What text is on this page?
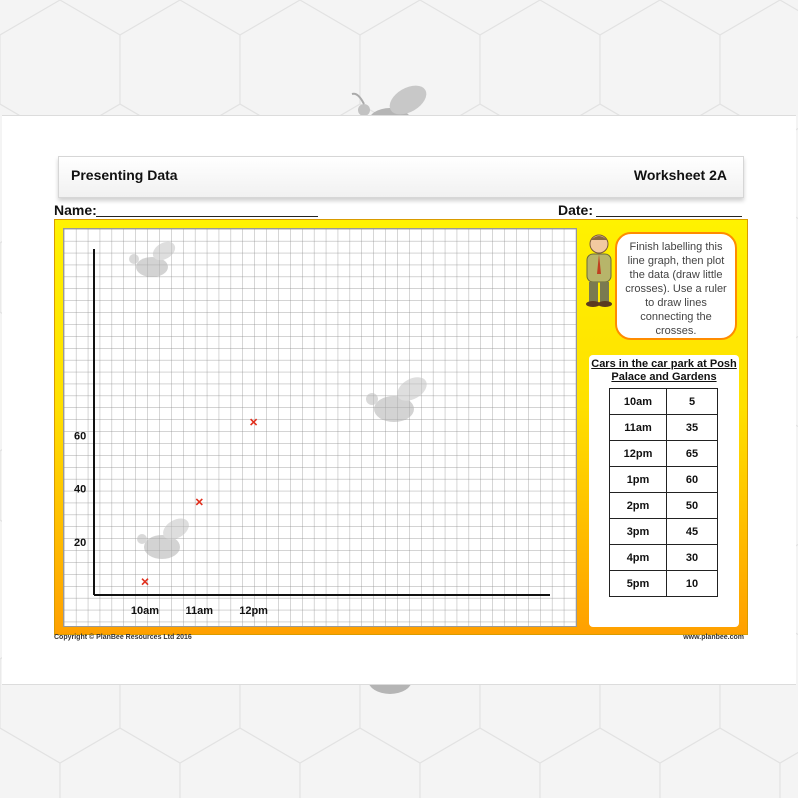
Presenting Data	Worksheet 2A
Name:	Date:
20
40
60
10am 11am 12pm
Finish labelling this line graph, then plot the data (draw little crosses). Use a ruler to draw lines connecting the crosses.
Cars in the car park at Posh Palace and Gardens
10am	5
11am	35
12pm	65
1pm	60
2pm	50
3pm	45
4pm	30
5pm	10
Copyright © PlanBee Resources Ltd 2016	www.planbee.com
